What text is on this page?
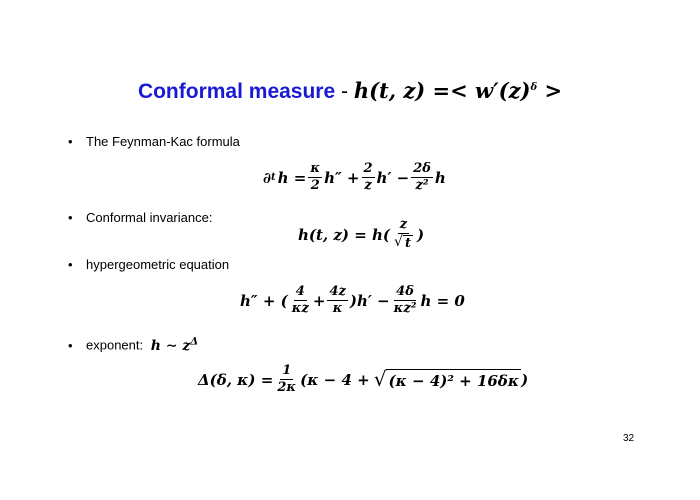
Conformal measure - h(t, $z) =< w'(z)^\delta$ >
• The Feynman-Kac formula
∂ t $h = \frac{\kappa}{2} h'' + \frac{2}{z} h' - \frac{2\delta}{\text{z²}}$ h
• Conformal invariance:
h(t, $z) = h( \frac{z}{√ t}$ )
• hypergeometric equation
h″ + ( $\frac{4}{\kappa z} + \frac{4z}{\kappa} )h' - \frac{4\delta}{\text{κz²}}$ h = 0
• exponent: h ∼ $z^\Delta$
Δ(δ, $\kappa) = \frac{1}{2\kappa} (\kappa - 4$ + √ (κ − 4)² + 16δκ )
32
